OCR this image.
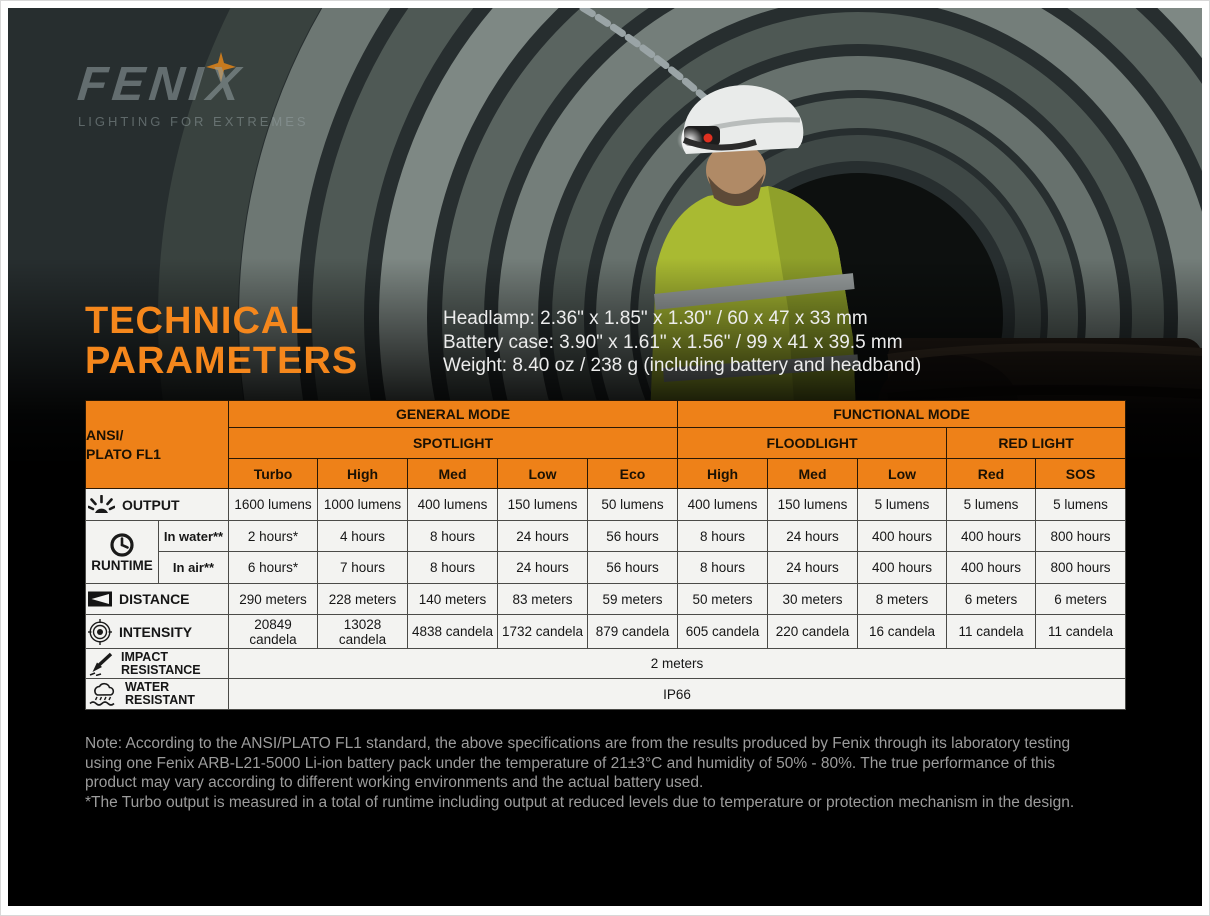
FENIX
LIGHTING FOR EXTREMES
TECHNICAL
PARAMETERS
Headlamp: 2.36" x 1.85" x 1.30" / 60 x 47 x 33 mm
Battery case: 3.90" x 1.61" x 1.56" / 99 x 41 x 39.5 mm
Weight: 8.40 oz / 238 g (including battery and headband)
ANSI/
PLATO FL1		GENERAL MODE					FUNCTIONAL MODE				
		SPOTLIGHT					FLOODLIGHT			RED LIGHT	
		Turbo	High	Med	Low	Eco	High	Med	Low	Red	SOS

OUTPUT		1600 lumens	1000 lumens	400 lumens	150 lumens	50 lumens	400 lumens	150 lumens	5 lumens	5 lumens	5 lumens

RUNTIME	In water**	2 hours*	4 hours	8 hours	24 hours	56 hours	8 hours	24 hours	400 hours	400 hours	800 hours
	In air**	6 hours*	7 hours	8 hours	24 hours	56 hours	8 hours	24 hours	400 hours	400 hours	800 hours

DISTANCE		290 meters	228 meters	140 meters	83 meters	59 meters	50 meters	30 meters	8 meters	6 meters	6 meters

INTENSITY		20849 candela	13028 candela	4838 candela	1732 candela	879 candela	605 candela	220 candela	16 candela	11 candela	11 candela

IMPACT
RESISTANCE		2 meters									

WATER
RESISTANT		IP66									
Note: According to the ANSI/PLATO FL1 standard, the above specifications are from the results produced by Fenix through its laboratory testing using one Fenix ARB-L21-5000 Li-ion battery pack under the temperature of 21±3°C and humidity of 50% - 80%. The true performance of this product may vary according to different working environments and the actual battery used.
*The Turbo output is measured in a total of runtime including output at reduced levels due to temperature or protection mechanism in the design.
